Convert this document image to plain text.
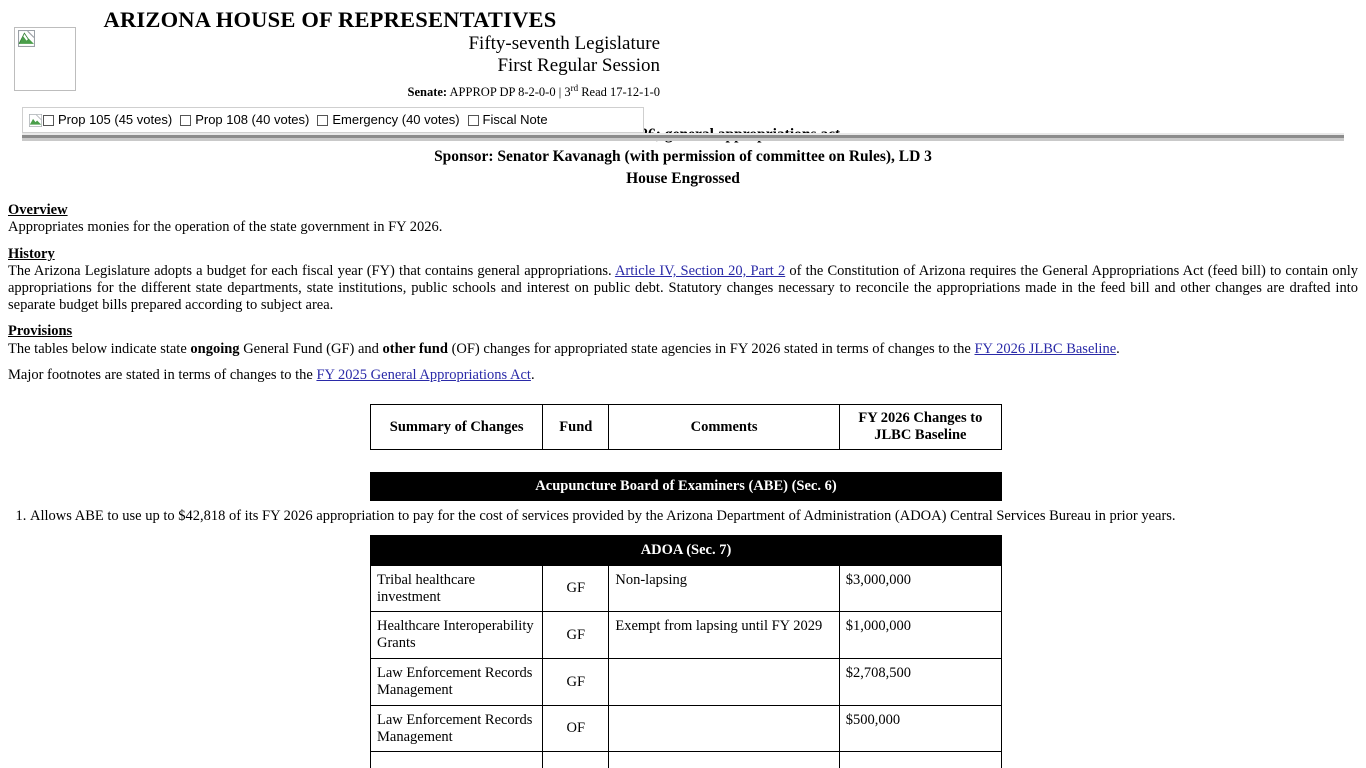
ARIZONA HOUSE OF REPRESENTATIVES
Fifty-seventh Legislature
First Regular Session
Senate: APPROP DP 8-2-0-0 | 3rd Read 17-12-1-0
Prop 105 (45 votes) Prop 108 (40 votes) Emergency (40 votes) Fiscal Note
Sponsor: Senator Kavanagh (with permission of committee on Rules), LD 3
House Engrossed
Overview

Appropriates monies for the operation of the state government in FY 2026.

History

The Arizona Legislature adopts a budget for each fiscal year (FY) that contains general appropriations. Article IV, Section 20, Part 2 of the Constitution of Arizona requires the General Appropriations Act (feed bill) to contain only appropriations for the different state departments, state institutions, public schools and interest on public debt. Statutory changes necessary to reconcile the appropriations made in the feed bill and other changes are drafted into separate budget bills prepared according to subject area.

Provisions

The tables below indicate state ongoing General Fund (GF) and other fund (OF) changes for appropriated state agencies in FY 2026 stated in terms of changes to the FY 2026 JLBC Baseline.

Major footnotes are stated in terms of changes to the FY 2025 General Appropriations Act.

Summary of Changes	Fund	Comments	FY 2026 Changes to JLBC Baseline
Acupuncture Board of Examiners (ABE) (Sec. 6)
1. Allows ABE to use up to $42,818 of its FY 2026 appropriation to pay for the cost of services provided by the Arizona Department of Administration (ADOA) Central Services Bureau in prior years.
ADOA (Sec. 7)			
Tribal healthcare investment	GF	Non-lapsing	$3,000,000
Healthcare Interoperability Grants	GF	Exempt from lapsing until FY 2029	$1,000,000
Law Enforcement Records Management	GF		$2,708,500
Law Enforcement Records Management	OF		$500,000
